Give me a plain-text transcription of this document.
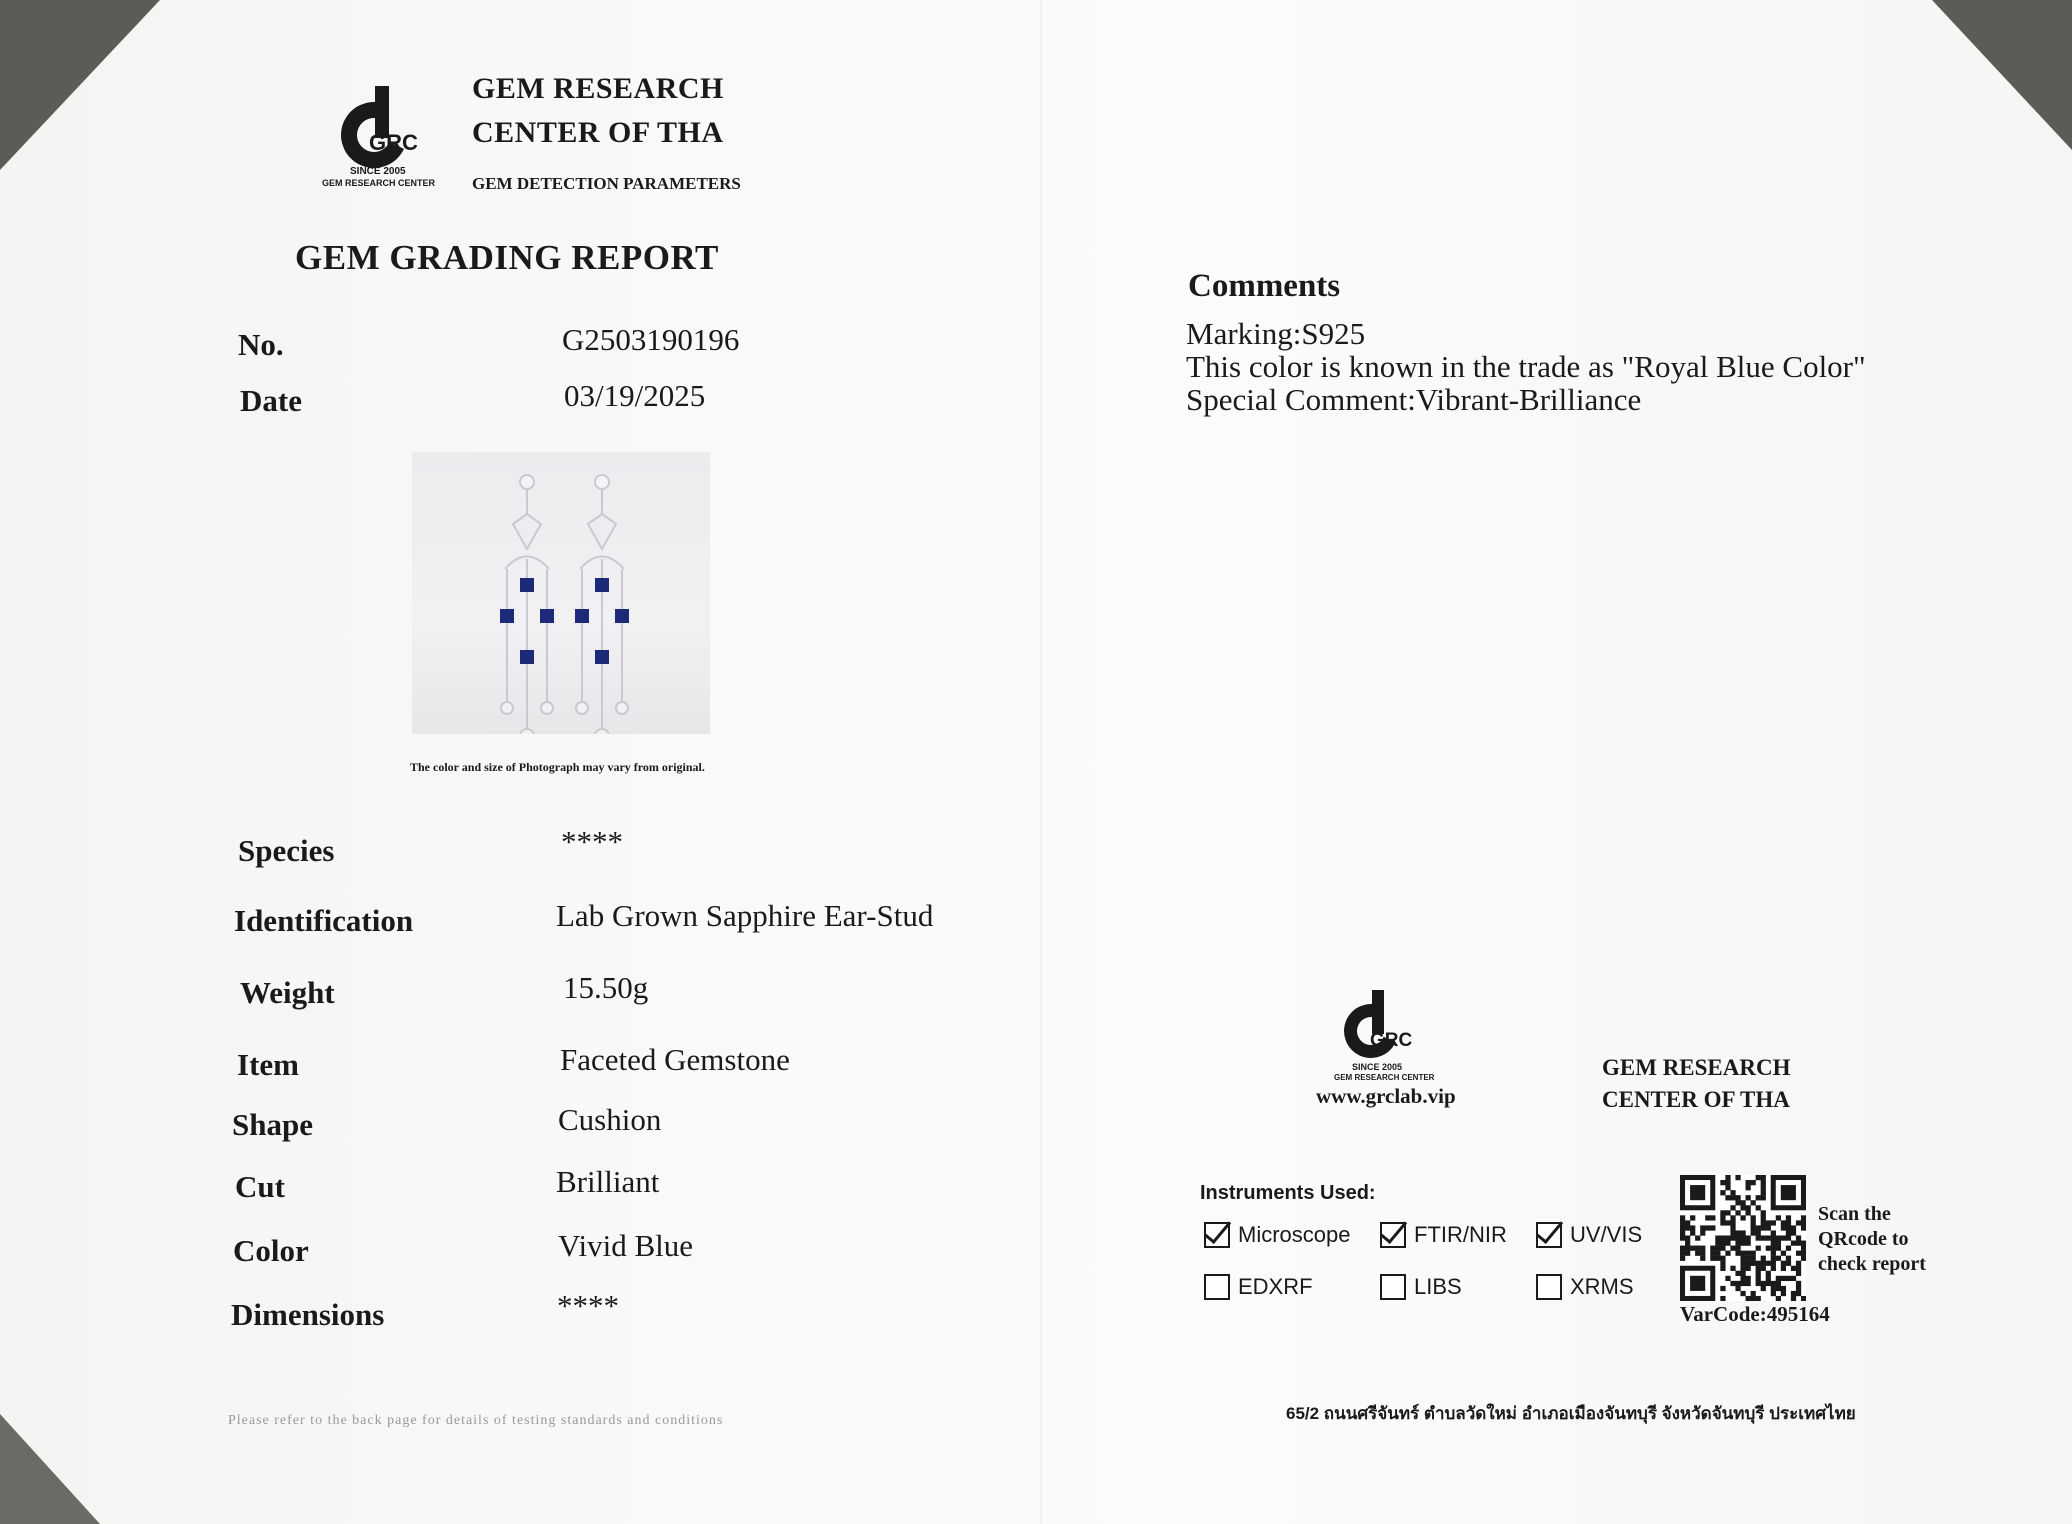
GRC
SINCE 2005
GEM RESEARCH CENTER
GEM RESEARCH
CENTER OF THA
GEM DETECTION PARAMETERS
GEM GRADING REPORT
No.	G2503190196
Date	03/19/2025
The color and size of Photograph may vary from original.
Species	****
Identification	Lab Grown Sapphire Ear-Stud
Weight	15.50g
Item	Faceted Gemstone
Shape	Cushion
Cut	Brilliant
Color	Vivid Blue
Dimensions	****
Comments
Marking:S925
This color is known in the trade as "Royal Blue Color"
Special Comment:Vibrant-Brilliance
GRC
SINCE 2005
GEM RESEARCH CENTER
www.grclab.vip
GEM RESEARCH
CENTER OF THA
Instruments Used:
Microscope	FTIR/NIR	UV/VIS
EDXRF	LIBS	XRMS
Scan the
QRcode to
check report
VarCode:495164
65/2 ถนนศรีจันทร์ ตำบลวัดใหม่ อำเภอเมืองจันทบุรี จังหวัดจันทบุรี ประเทศไทย
Please refer to the back page for details of testing standards and conditions
